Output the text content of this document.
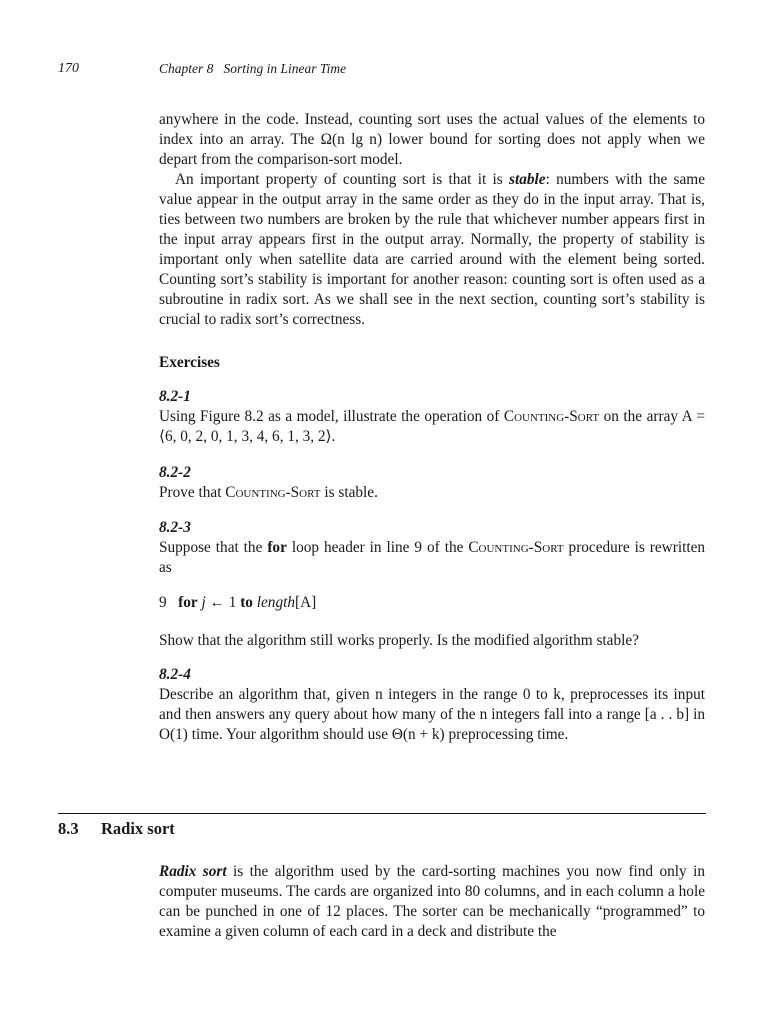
170	Chapter 8   Sorting in Linear Time

anywhere in the code. Instead, counting sort uses the actual values of the elements to index into an array. The Ω(n lg n) lower bound for sorting does not apply when we depart from the comparison-sort model.

An important property of counting sort is that it is stable: numbers with the same value appear in the output array in the same order as they do in the input array. That is, ties between two numbers are broken by the rule that whichever number appears first in the input array appears first in the output array. Normally, the property of stability is important only when satellite data are carried around with the element being sorted. Counting sort’s stability is important for another reason: counting sort is often used as a subroutine in radix sort. As we shall see in the next section, counting sort’s stability is crucial to radix sort’s correctness.

Exercises

8.2-1

Using Figure 8.2 as a model, illustrate the operation of Counting-Sort on the array A = ⟨6, 0, 2, 0, 1, 3, 4, 6, 1, 3, 2⟩.

8.2-2

Prove that Counting-Sort is stable.

8.2-3

Suppose that the for loop header in line 9 of the Counting-Sort procedure is rewritten as

9 for j ← 1 to length[A]

Show that the algorithm still works properly. Is the modified algorithm stable?

8.2-4

Describe an algorithm that, given n integers in the range 0 to k, preprocesses its input and then answers any query about how many of the n integers fall into a range [a . . b] in O(1) time. Your algorithm should use Θ(n + k) preprocessing time.

8.3 Radix sort

Radix sort is the algorithm used by the card-sorting machines you now find only in computer museums. The cards are organized into 80 columns, and in each column a hole can be punched in one of 12 places. The sorter can be mechanically “programmed” to examine a given column of each card in a deck and distribute the
